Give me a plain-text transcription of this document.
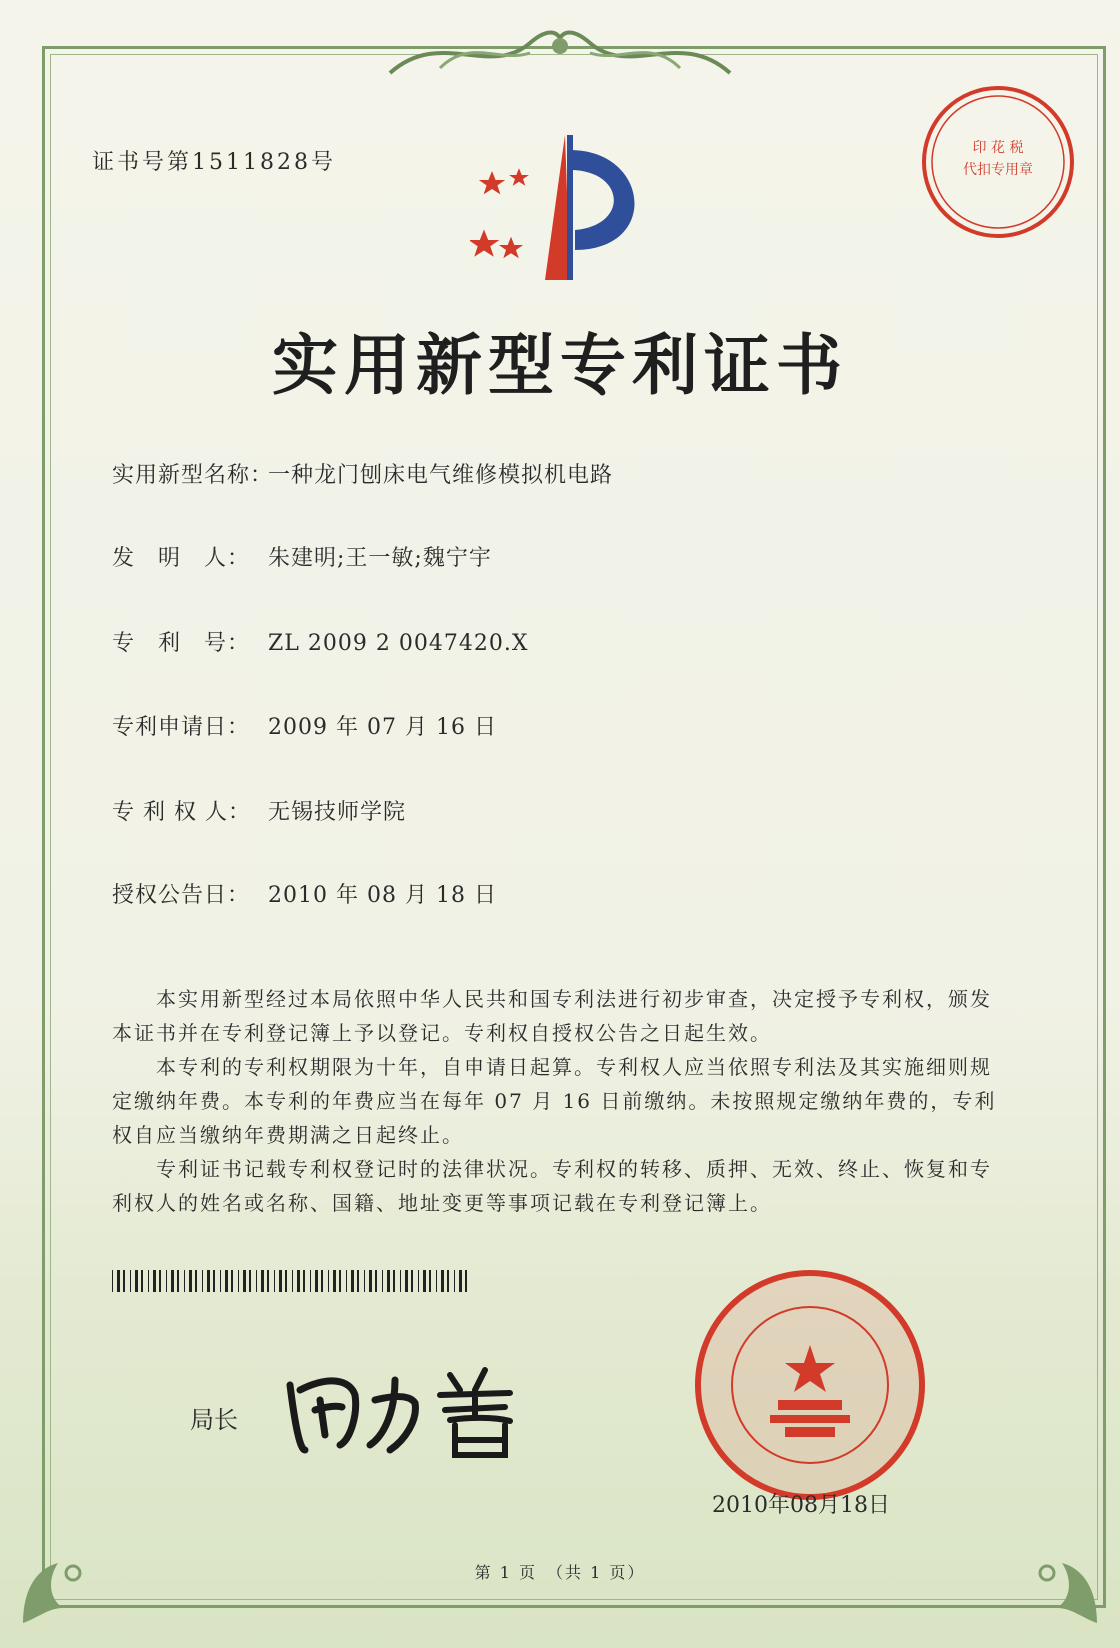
证书号第1511828号
印 花 税
代扣专用章
实用新型专利证书
实用新型名称：一种龙门刨床电气维修模拟机电路
发　明　人： 朱建明;王一敏;魏宁宇
专　利　号： ZL 2009 2 0047420.X
专利申请日： 2009 年 07 月 16 日
专 利 权 人： 无锡技师学院
授权公告日： 2010 年 08 月 18 日

本实用新型经过本局依照中华人民共和国专利法进行初步审查，决定授予专利权，颁发本证书并在专利登记簿上予以登记。专利权自授权公告之日起生效。

本专利的专利权期限为十年，自申请日起算。专利权人应当依照专利法及其实施细则规定缴纳年费。本专利的年费应当在每年 07 月 16 日前缴纳。未按照规定缴纳年费的，专利权自应当缴纳年费期满之日起终止。

专利证书记载专利权登记时的法律状况。专利权的转移、质押、无效、终止、恢复和专利权人的姓名或名称、国籍、地址变更等事项记载在专利登记簿上。

局长
2010年08月18日
第 1 页　（共 1 页）
